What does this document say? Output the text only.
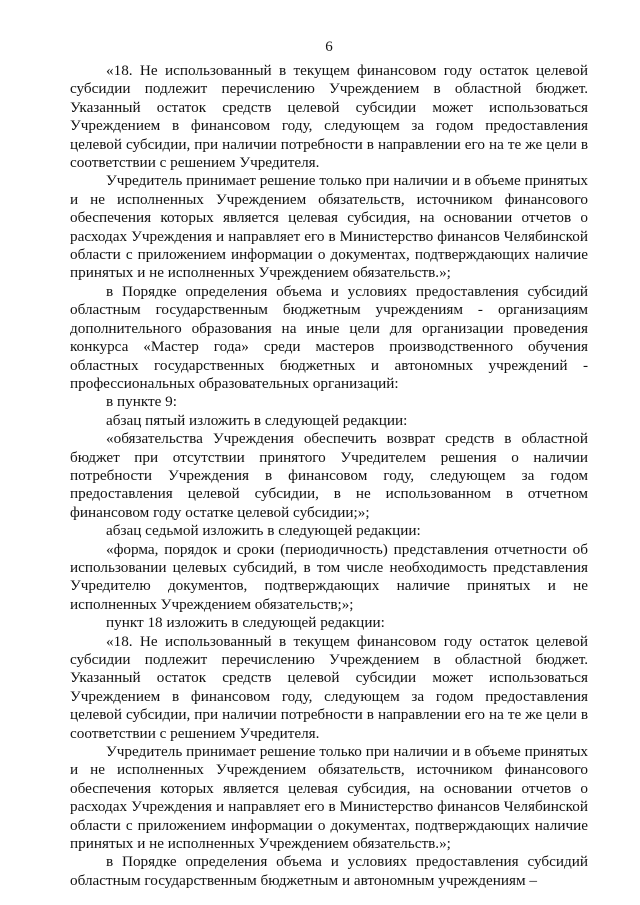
6

«18. Не использованный в текущем финансовом году остаток целевой субсидии подлежит перечислению Учреждением в областной бюджет. Указанный остаток средств целевой субсидии может использоваться Учреждением в финансовом году, следующем за годом предоставления целевой субсидии, при наличии потребности в направлении его на те же цели в соответствии с решением Учредителя.

Учредитель принимает решение только при наличии и в объеме принятых и не исполненных Учреждением обязательств, источником финансового обеспечения которых является целевая субсидия, на основании отчетов о расходах Учреждения и направляет его в Министерство финансов Челябинской области с приложением информации о документах, подтверждающих наличие принятых и не исполненных Учреждением обязательств.»;

в Порядке определения объема и условиях предоставления субсидий областным государственным бюджетным учреждениям - организациям дополнительного образования на иные цели для организации проведения конкурса «Мастер года» среди мастеров производственного обучения областных государственных бюджетных и автономных учреждений - профессиональных образовательных организаций:

в пункте 9:

абзац пятый изложить в следующей редакции:

«обязательства Учреждения обеспечить возврат средств в областной бюджет при отсутствии принятого Учредителем решения о наличии потребности Учреждения в финансовом году, следующем за годом предоставления целевой субсидии, в не использованном в отчетном финансовом году остатке целевой субсидии;»;

абзац седьмой изложить в следующей редакции:

«форма, порядок и сроки (периодичность) представления отчетности об использовании целевых субсидий, в том числе необходимость представления Учредителю документов, подтверждающих наличие принятых и не исполненных Учреждением обязательств;»;

пункт 18 изложить в следующей редакции:

«18. Не использованный в текущем финансовом году остаток целевой субсидии подлежит перечислению Учреждением в областной бюджет. Указанный остаток средств целевой субсидии может использоваться Учреждением в финансовом году, следующем за годом предоставления целевой субсидии, при наличии потребности в направлении его на те же цели в соответствии с решением Учредителя.

Учредитель принимает решение только при наличии и в объеме принятых и не исполненных Учреждением обязательств, источником финансового обеспечения которых является целевая субсидия, на основании отчетов о расходах Учреждения и направляет его в Министерство финансов Челябинской области с приложением информации о документах, подтверждающих наличие принятых и не исполненных Учреждением обязательств.»;

в Порядке определения объема и условиях предоставления субсидий областным государственным бюджетным и автономным учреждениям –
